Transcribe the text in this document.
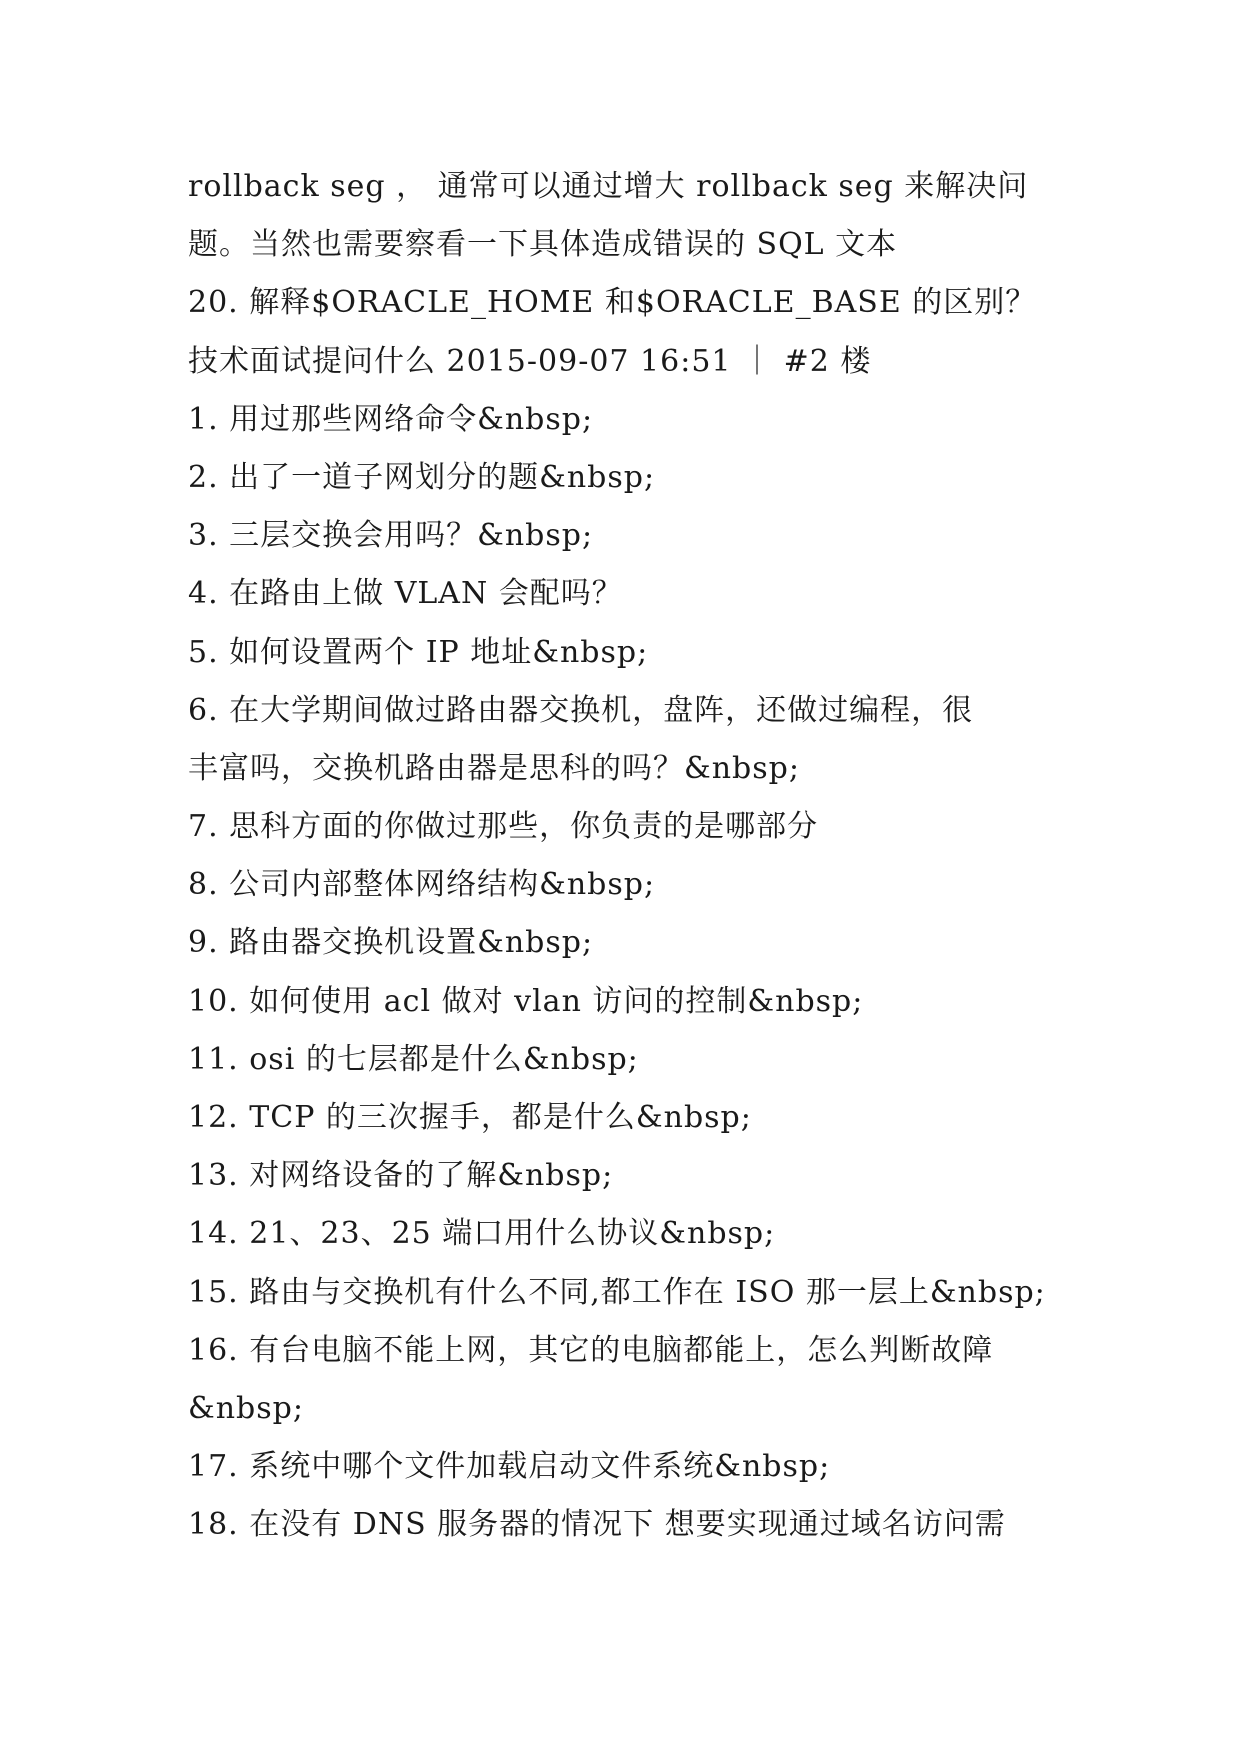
rollback seg ， 通常可以通过增大 rollback seg 来解决问
题。当然也需要察看一下具体造成错误的 SQL 文本
20. 解释$ORACLE_HOME 和$ORACLE_BASE 的区别？
技术面试提问什么 2015-09-07 16:51 ｜ #2 楼
1. 用过那些网络命令&nbsp;
2. 出了一道子网划分的题&nbsp;
3. 三层交换会用吗？&nbsp;
4. 在路由上做 VLAN 会配吗？
5. 如何设置两个 IP 地址&nbsp;
6. 在大学期间做过路由器交换机，盘阵，还做过编程，很
丰富吗，交换机路由器是思科的吗？&nbsp;
7. 思科方面的你做过那些，你负责的是哪部分
8. 公司内部整体网络结构&nbsp;
9. 路由器交换机设置&nbsp;
10. 如何使用 acl 做对 vlan 访问的控制&nbsp;
11. osi 的七层都是什么&nbsp;
12. TCP 的三次握手，都是什么&nbsp;
13. 对网络设备的了解&nbsp;
14. 21、23、25 端口用什么协议&nbsp;
15. 路由与交换机有什么不同,都工作在 ISO 那一层上&nbsp;
16. 有台电脑不能上网，其它的电脑都能上，怎么判断故障
&nbsp;
17. 系统中哪个文件加载启动文件系统&nbsp;
18. 在没有 DNS 服务器的情况下 想要实现通过域名访问需
